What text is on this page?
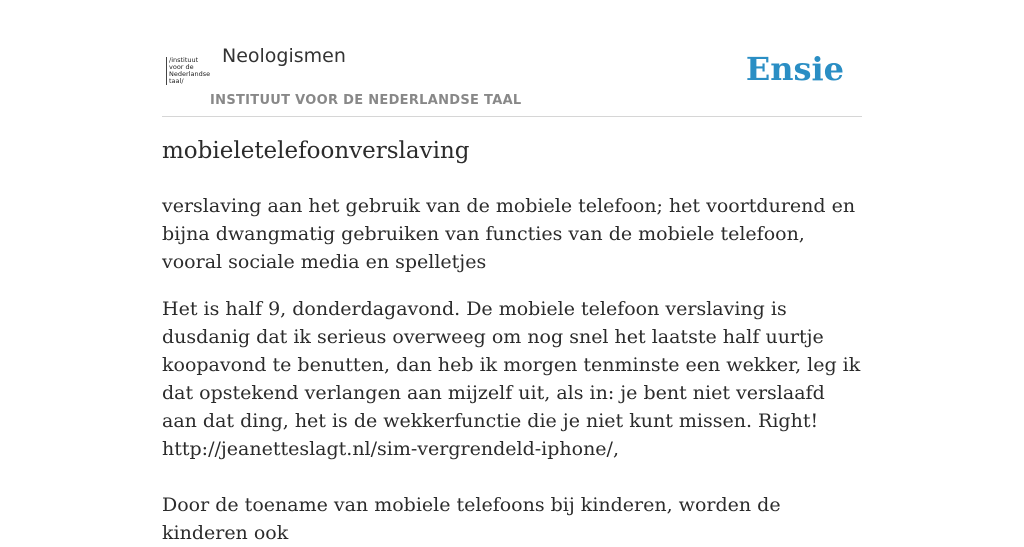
/instituut
voor de
Nederlandse
taal/
Neologismen
INSTITUUT VOOR DE NEDERLANDSE TAAL
Ensie
mobieletelefoonverslaving

verslaving aan het gebruik van de mobiele telefoon; het voortdurend en bijna dwangmatig gebruiken van functies van de mobiele telefoon, vooral sociale media en spelletjes

Het is half 9, donderdagavond. De mobiele telefoon verslaving is dusdanig dat ik serieus overweeg om nog snel het laatste half uurtje koopavond te benutten, dan heb ik morgen tenminste een wekker, leg ik dat opstekend verlangen aan mijzelf uit, als in: je bent niet verslaafd aan dat ding, het is de wekkerfunctie die je niet kunt missen. Right!

http://jeanetteslagt.nl/sim-vergrendeld-iphone/,

Door de toename van mobiele telefoons bij kinderen, worden de kinderen ook
